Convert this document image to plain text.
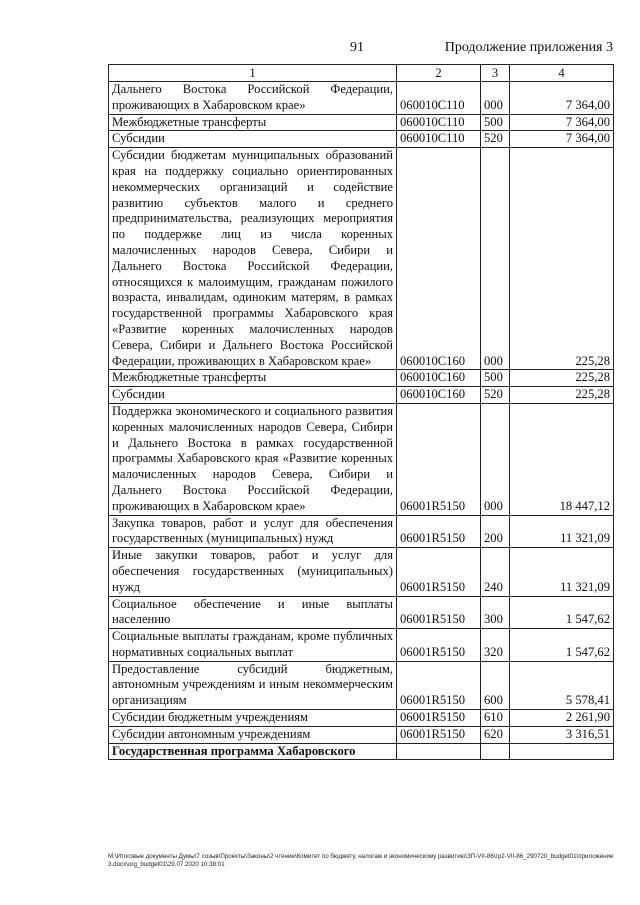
91	Продолжение приложения 3
1	2	3	4
Дальнего Востока Российской Федерации, проживающих в Хабаровском крае»	060010С110	000	7 364,00
Межбюджетные трансферты	060010С110	500	7 364,00
Субсидии	060010С110	520	7 364,00
Субсидии бюджетам муниципальных образований края на поддержку социально ориентированных некоммерческих организаций и содействие развитию субъектов малого и среднего предпринимательства, реализующих мероприятия по поддержке лиц из числа коренных малочисленных народов Севера, Сибири и Дальнего Востока Российской Федерации, относящихся к малоимущим, гражданам пожилого возраста, инвалидам, одиноким матерям, в рамках государственной программы Хабаровского края «Развитие коренных малочисленных народов Севера, Сибири и Дальнего Востока Российской Федерации, проживающих в Хабаровском крае»	060010С160	000	225,28
Межбюджетные трансферты	060010С160	500	225,28
Субсидии	060010С160	520	225,28
Поддержка экономического и социального развития коренных малочисленных народов Севера, Сибири и Дальнего Востока в рамках государственной программы Хабаровского края «Развитие коренных малочисленных народов Севера, Сибири и Дальнего Востока Российской Федерации, проживающих в Хабаровском крае»	06001R5150	000	18 447,12
Закупка товаров, работ и услуг для обеспечения государственных (муниципальных) нужд	06001R5150	200	11 321,09
Иные закупки товаров, работ и услуг для обеспечения государственных (муниципальных) нужд	06001R5150	240	11 321,09
Социальное обеспечение и иные выплаты населению	06001R5150	300	1 547,62
Социальные выплаты гражданам, кроме публичных нормативных социальных выплат	06001R5150	320	1 547,62
Предоставление субсидий бюджетным, автономным учреждениям и иным некоммерческим организациям	06001R5150	600	5 578,41
Субсидии бюджетным учреждениям	06001R5150	610	2 261,90
Субсидии автономным учреждениям	06001R5150	620	3 316,51
Государственная программа Хабаровского			
M:\Итоговые документы Думы\7 созыв\Проекты\Законы\2 чтение\Комитет по бюджету, налогам и экономическому развитию\ЗП-VII-86\гр2-VII-86_290720_budget01\приложение3.docx\org_budget01\29.07.2020 10:38:01
